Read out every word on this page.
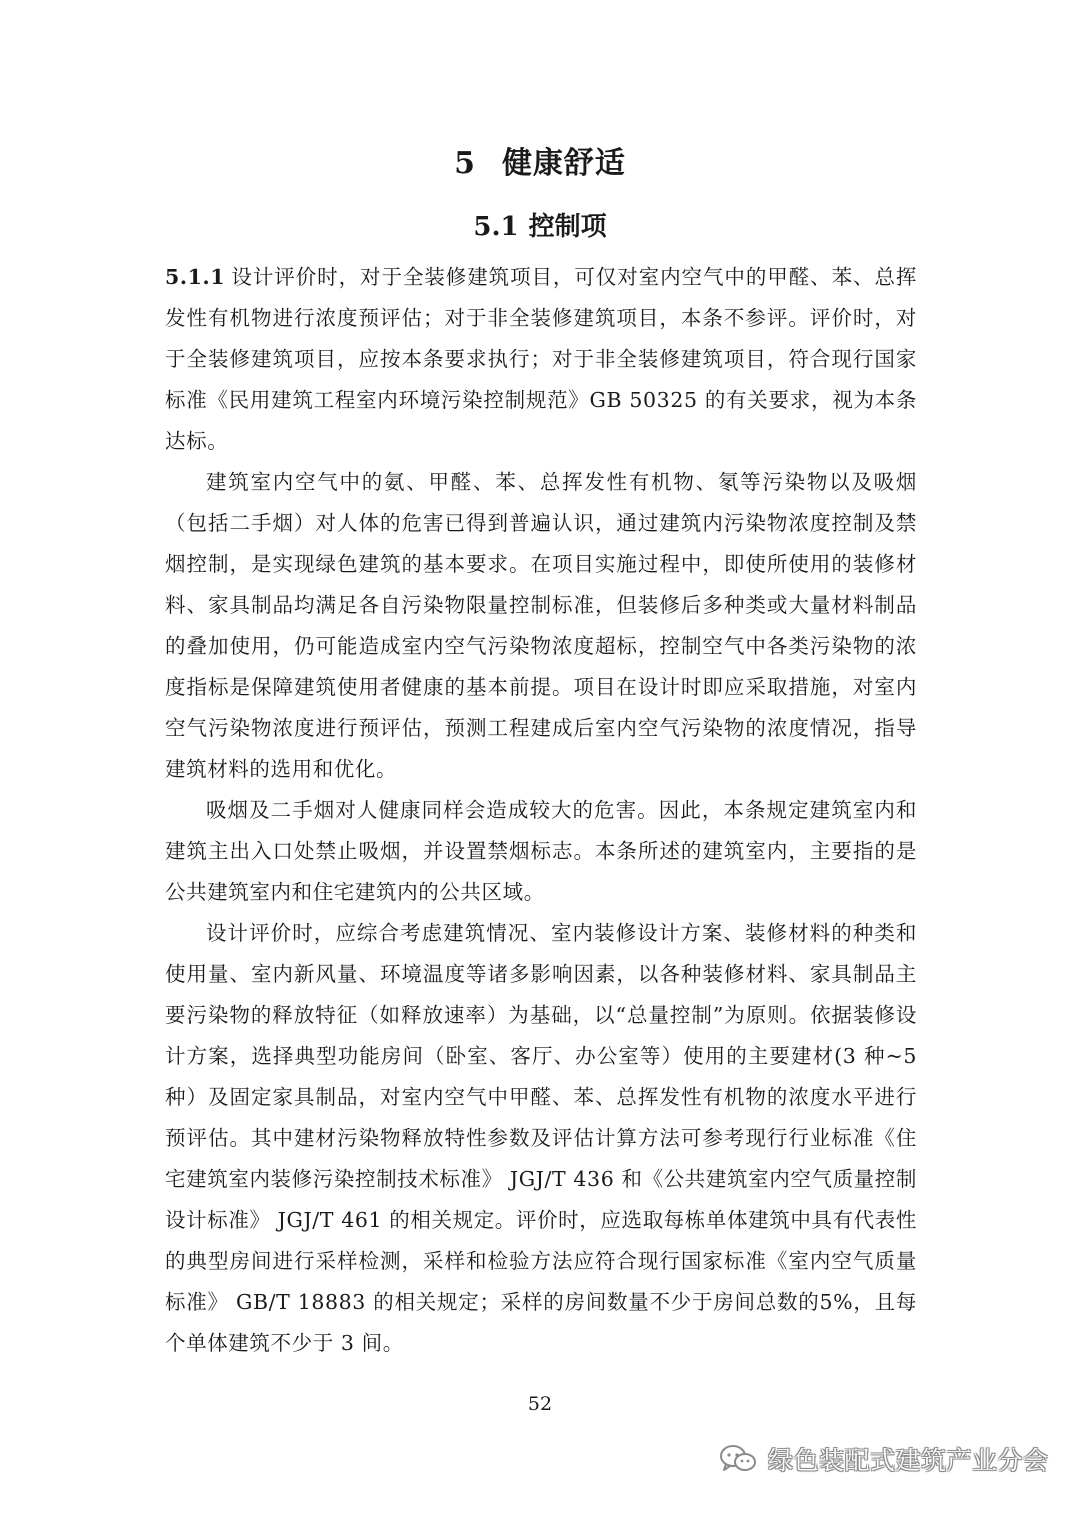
5 健康舒适
5.1 控制项

5.1.1 设计评价时，对于全装修建筑项目，可仅对室内空气中的甲醛、苯、总挥发性有机物进行浓度预评估；对于非全装修建筑项目，本条不参评。评价时，对于全装修建筑项目，应按本条要求执行；对于非全装修建筑项目，符合现行国家标准《民用建筑工程室内环境污染控制规范》GB 50325 的有关要求，视为本条达标。

建筑室内空气中的氨、甲醛、苯、总挥发性有机物、氡等污染物以及吸烟（包括二手烟）对人体的危害已得到普遍认识，通过建筑内污染物浓度控制及禁烟控制，是实现绿色建筑的基本要求。在项目实施过程中，即使所使用的装修材料、家具制品均满足各自污染物限量控制标准，但装修后多种类或大量材料制品的叠加使用，仍可能造成室内空气污染物浓度超标，控制空气中各类污染物的浓度指标是保障建筑使用者健康的基本前提。项目在设计时即应采取措施，对室内空气污染物浓度进行预评估，预测工程建成后室内空气污染物的浓度情况，指导建筑材料的选用和优化。

吸烟及二手烟对人健康同样会造成较大的危害。因此，本条规定建筑室内和建筑主出入口处禁止吸烟，并设置禁烟标志。本条所述的建筑室内，主要指的是公共建筑室内和住宅建筑内的公共区域。

设计评价时，应综合考虑建筑情况、室内装修设计方案、装修材料的种类和使用量、室内新风量、环境温度等诸多影响因素，以各种装修材料、家具制品主要污染物的释放特征（如释放速率）为基础，以“总量控制”为原则。依据装修设计方案，选择典型功能房间（卧室、客厅、办公室等）使用的主要建材(3 种~5 种）及固定家具制品，对室内空气中甲醛、苯、总挥发性有机物的浓度水平进行预评估。其中建材污染物释放特性参数及评估计算方法可参考现行行业标准《住宅建筑室内装修污染控制技术标准》 JGJ/T 436 和《公共建筑室内空气质量控制设计标准》 JGJ/T 461 的相关规定。评价时，应选取每栋单体建筑中具有代表性的典型房间进行采样检测，采样和检验方法应符合现行国家标准《室内空气质量标准》 GB/T 18883 的相关规定；采样的房间数量不少于房间总数的5%，且每个单体建筑不少于 3 间。

52
绿色装配式建筑产业分会
